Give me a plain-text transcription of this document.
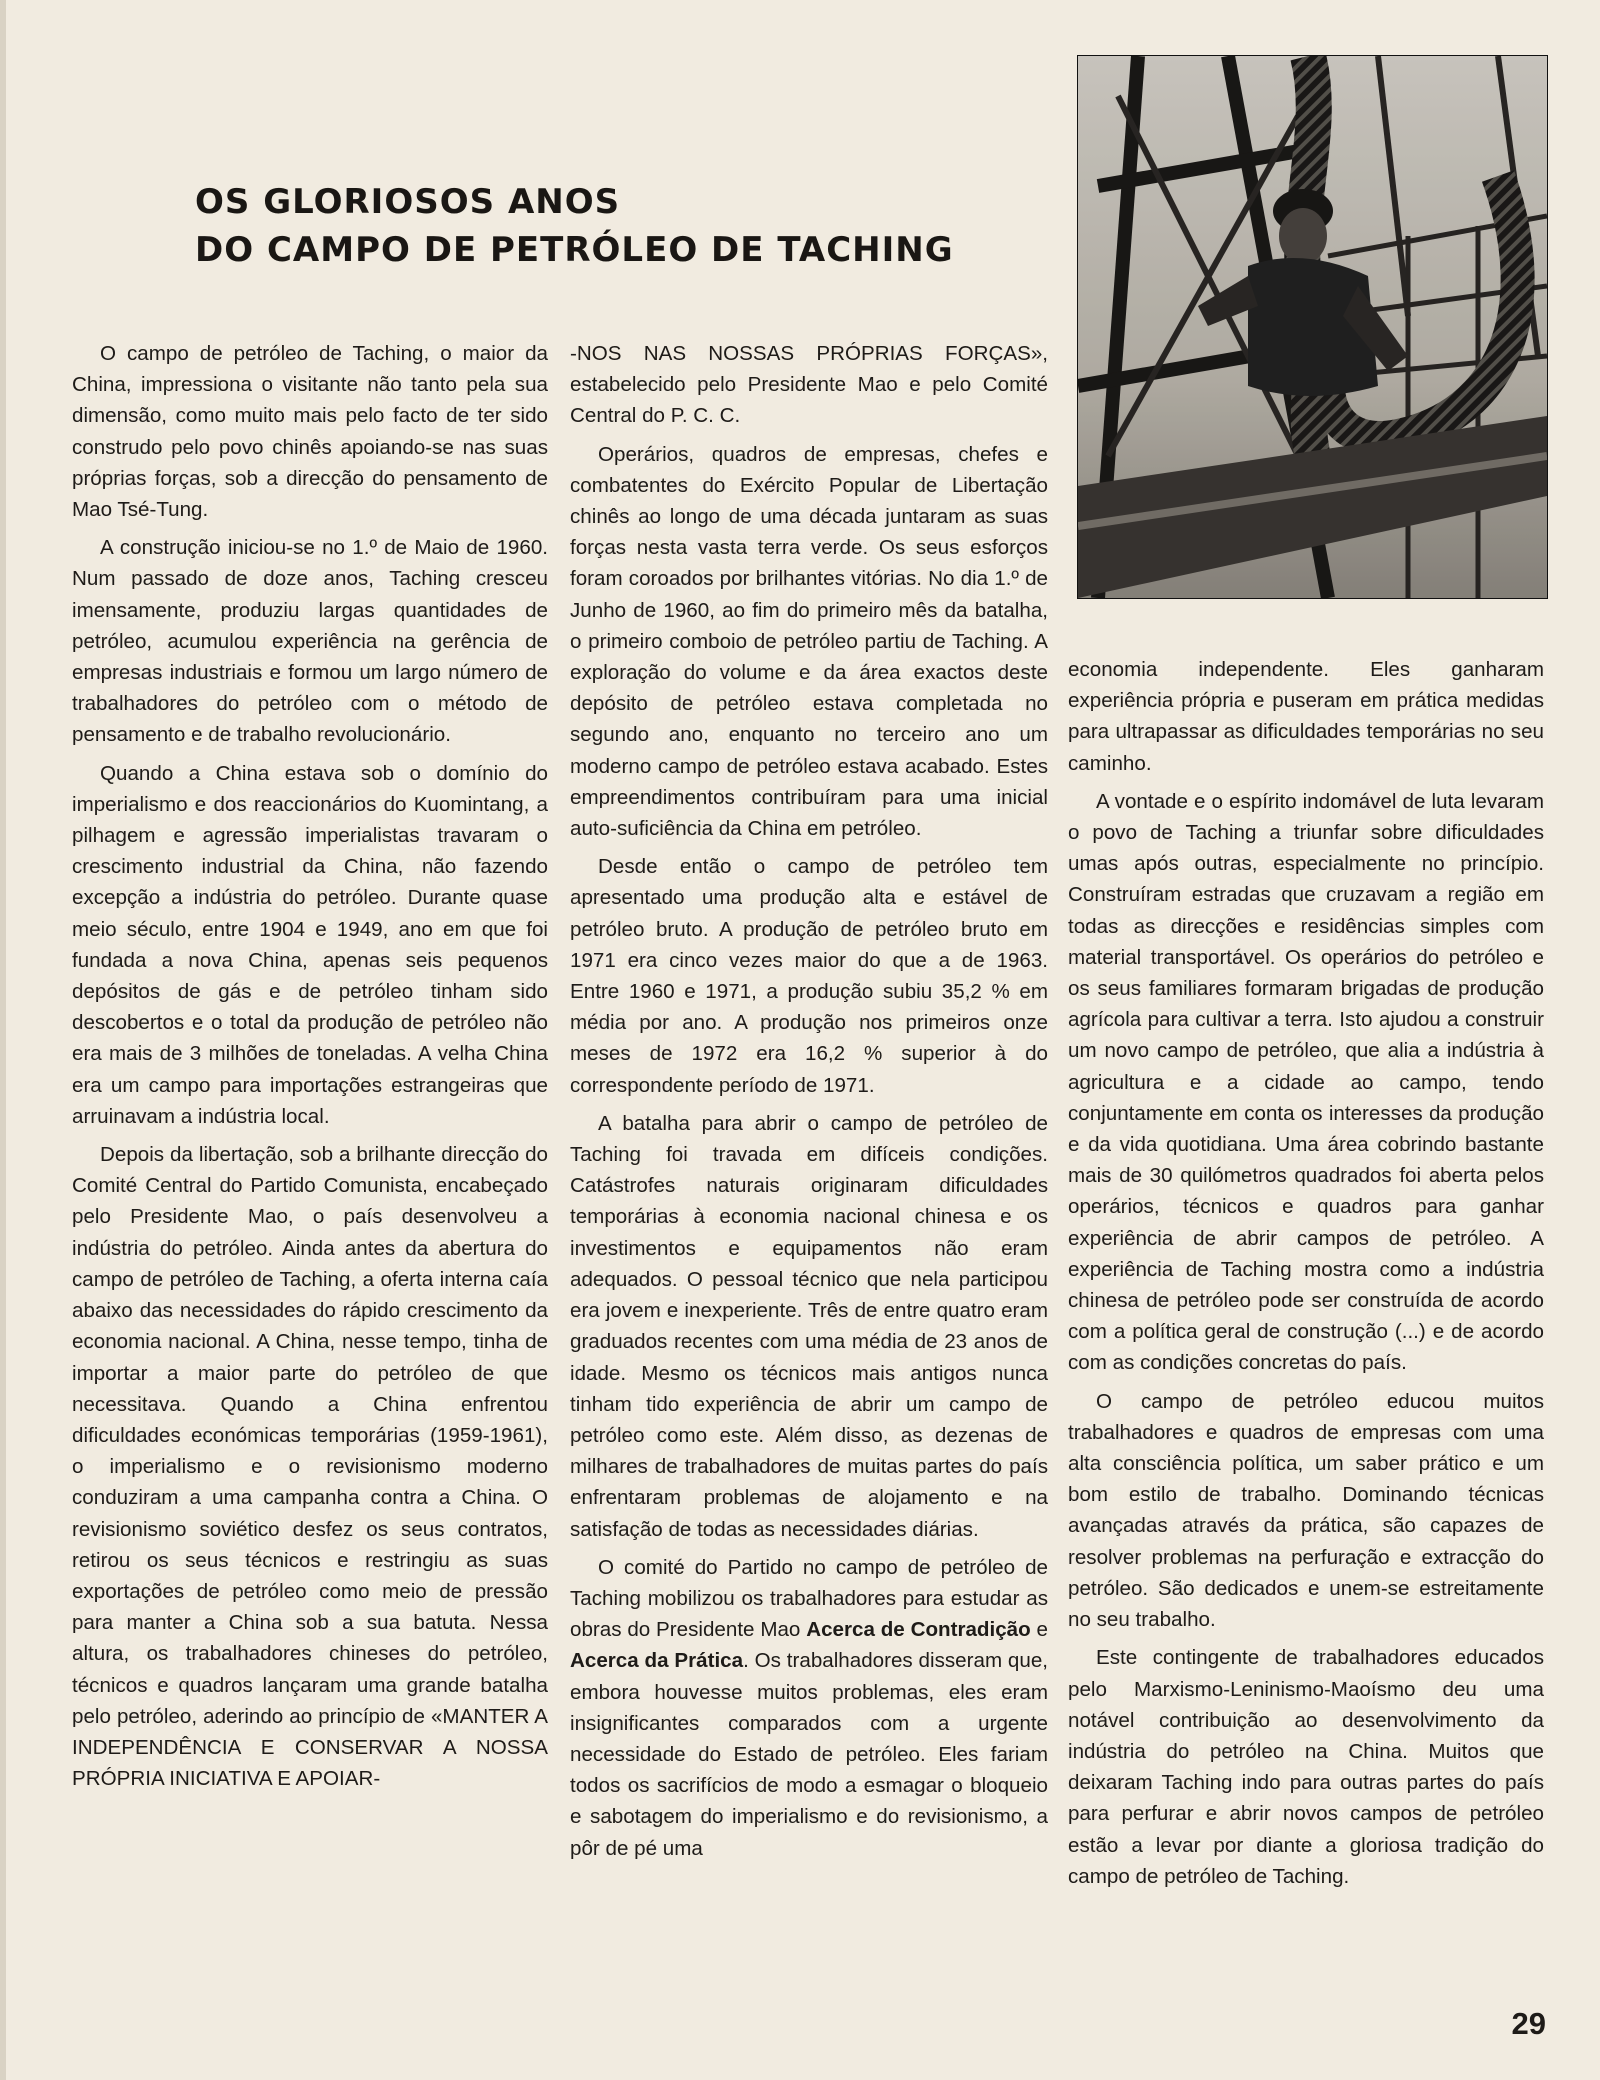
OS GLORIOSOS ANOS
DO CAMPO DE PETRÓLEO DE TACHING

O campo de petróleo de Taching, o maior da China, impressiona o visitante não tanto pela sua dimensão, como muito mais pelo facto de ter sido construdo pelo povo chinês apoiando-se nas suas próprias forças, sob a direcção do pensamento de Mao Tsé-Tung.

A construção iniciou-se no 1.º de Maio de 1960. Num passado de doze anos, Taching cresceu imensamente, produziu largas quantidades de petróleo, acumulou experiência na gerência de empresas industriais e formou um largo número de trabalhadores do petróleo com o método de pensamento e de trabalho revolucionário.

Quando a China estava sob o domínio do imperialismo e dos reaccionários do Kuomintang, a pilhagem e agressão imperialistas travaram o crescimento industrial da China, não fazendo excepção a indústria do petróleo. Durante quase meio século, entre 1904 e 1949, ano em que foi fundada a nova China, apenas seis pequenos depósitos de gás e de petróleo tinham sido descobertos e o total da produção de petróleo não era mais de 3 milhões de toneladas. A velha China era um campo para importações estrangeiras que arruinavam a indústria local.

Depois da libertação, sob a brilhante direcção do Comité Central do Partido Comunista, encabeçado pelo Presidente Mao, o país desenvolveu a indústria do petróleo. Ainda antes da abertura do campo de petróleo de Taching, a oferta interna caía abaixo das necessidades do rápido crescimento da economia nacional. A China, nesse tempo, tinha de importar a maior parte do petróleo de que necessitava. Quando a China enfrentou dificuldades económicas temporárias (1959-1961), o imperialismo e o revisionismo moderno conduziram a uma campanha contra a China. O revisionismo soviético desfez os seus contratos, retirou os seus técnicos e restringiu as suas exportações de petróleo como meio de pressão para manter a China sob a sua batuta. Nessa altura, os trabalhadores chineses do petróleo, técnicos e quadros lançaram uma grande batalha pelo petróleo, aderindo ao princípio de «MANTER A INDEPENDÊNCIA E CONSERVAR A NOSSA PRÓPRIA INICIATIVA E APOIAR-

-NOS NAS NOSSAS PRÓPRIAS FORÇAS», estabelecido pelo Presidente Mao e pelo Comité Central do P. C. C.

Operários, quadros de empresas, chefes e combatentes do Exército Popular de Libertação chinês ao longo de uma década juntaram as suas forças nesta vasta terra verde. Os seus esforços foram coroados por brilhantes vitórias. No dia 1.º de Junho de 1960, ao fim do primeiro mês da batalha, o primeiro comboio de petróleo partiu de Taching. A exploração do volume e da área exactos deste depósito de petróleo estava completada no segundo ano, enquanto no terceiro ano um moderno campo de petróleo estava acabado. Estes empreendimentos contribuíram para uma inicial auto-suficiência da China em petróleo.

Desde então o campo de petróleo tem apresentado uma produção alta e estável de petróleo bruto. A produção de petróleo bruto em 1971 era cinco vezes maior do que a de 1963. Entre 1960 e 1971, a produção subiu 35,2 % em média por ano. A produção nos primeiros onze meses de 1972 era 16,2 % superior à do correspondente período de 1971.

A batalha para abrir o campo de petróleo de Taching foi travada em difíceis condições. Catástrofes naturais originaram dificuldades temporárias à economia nacional chinesa e os investimentos e equipamentos não eram adequados. O pessoal técnico que nela participou era jovem e inexperiente. Três de entre quatro eram graduados recentes com uma média de 23 anos de idade. Mesmo os técnicos mais antigos nunca tinham tido experiência de abrir um campo de petróleo como este. Além disso, as dezenas de milhares de trabalhadores de muitas partes do país enfrentaram problemas de alojamento e na satisfação de todas as necessidades diárias.

O comité do Partido no campo de petróleo de Taching mobilizou os trabalhadores para estudar as obras do Presidente Mao Acerca de Contradição e Acerca da Prática. Os trabalhadores disseram que, embora houvesse muitos problemas, eles eram insignificantes comparados com a urgente necessidade do Estado de petróleo. Eles fariam todos os sacrifícios de modo a esmagar o bloqueio e sabotagem do imperialismo e do revisionismo, a pôr de pé uma

economia independente. Eles ganharam experiência própria e puseram em prática medidas para ultrapassar as dificuldades temporárias no seu caminho.

A vontade e o espírito indomável de luta levaram o povo de Taching a triunfar sobre dificuldades umas após outras, especialmente no princípio. Construíram estradas que cruzavam a região em todas as direcções e residências simples com material transportável. Os operários do petróleo e os seus familiares formaram brigadas de produção agrícola para cultivar a terra. Isto ajudou a construir um novo campo de petróleo, que alia a indústria à agricultura e a cidade ao campo, tendo conjuntamente em conta os interesses da produção e da vida quotidiana. Uma área cobrindo bastante mais de 30 quilómetros quadrados foi aberta pelos operários, técnicos e quadros para ganhar experiência de abrir campos de petróleo. A experiência de Taching mostra como a indústria chinesa de petróleo pode ser construída de acordo com a política geral de construção (...) e de acordo com as condições concretas do país.

O campo de petróleo educou muitos trabalhadores e quadros de empresas com uma alta consciência política, um saber prático e um bom estilo de trabalho. Dominando técnicas avançadas através da prática, são capazes de resolver problemas na perfuração e extracção do petróleo. São dedicados e unem-se estreitamente no seu trabalho.

Este contingente de trabalhadores educados pelo Marxismo-Leninismo-Maoísmo deu uma notável contribuição ao desenvolvimento da indústria do petróleo na China. Muitos que deixaram Taching indo para outras partes do país para perfurar e abrir novos campos de petróleo estão a levar por diante a gloriosa tradição do campo de petróleo de Taching.

29
